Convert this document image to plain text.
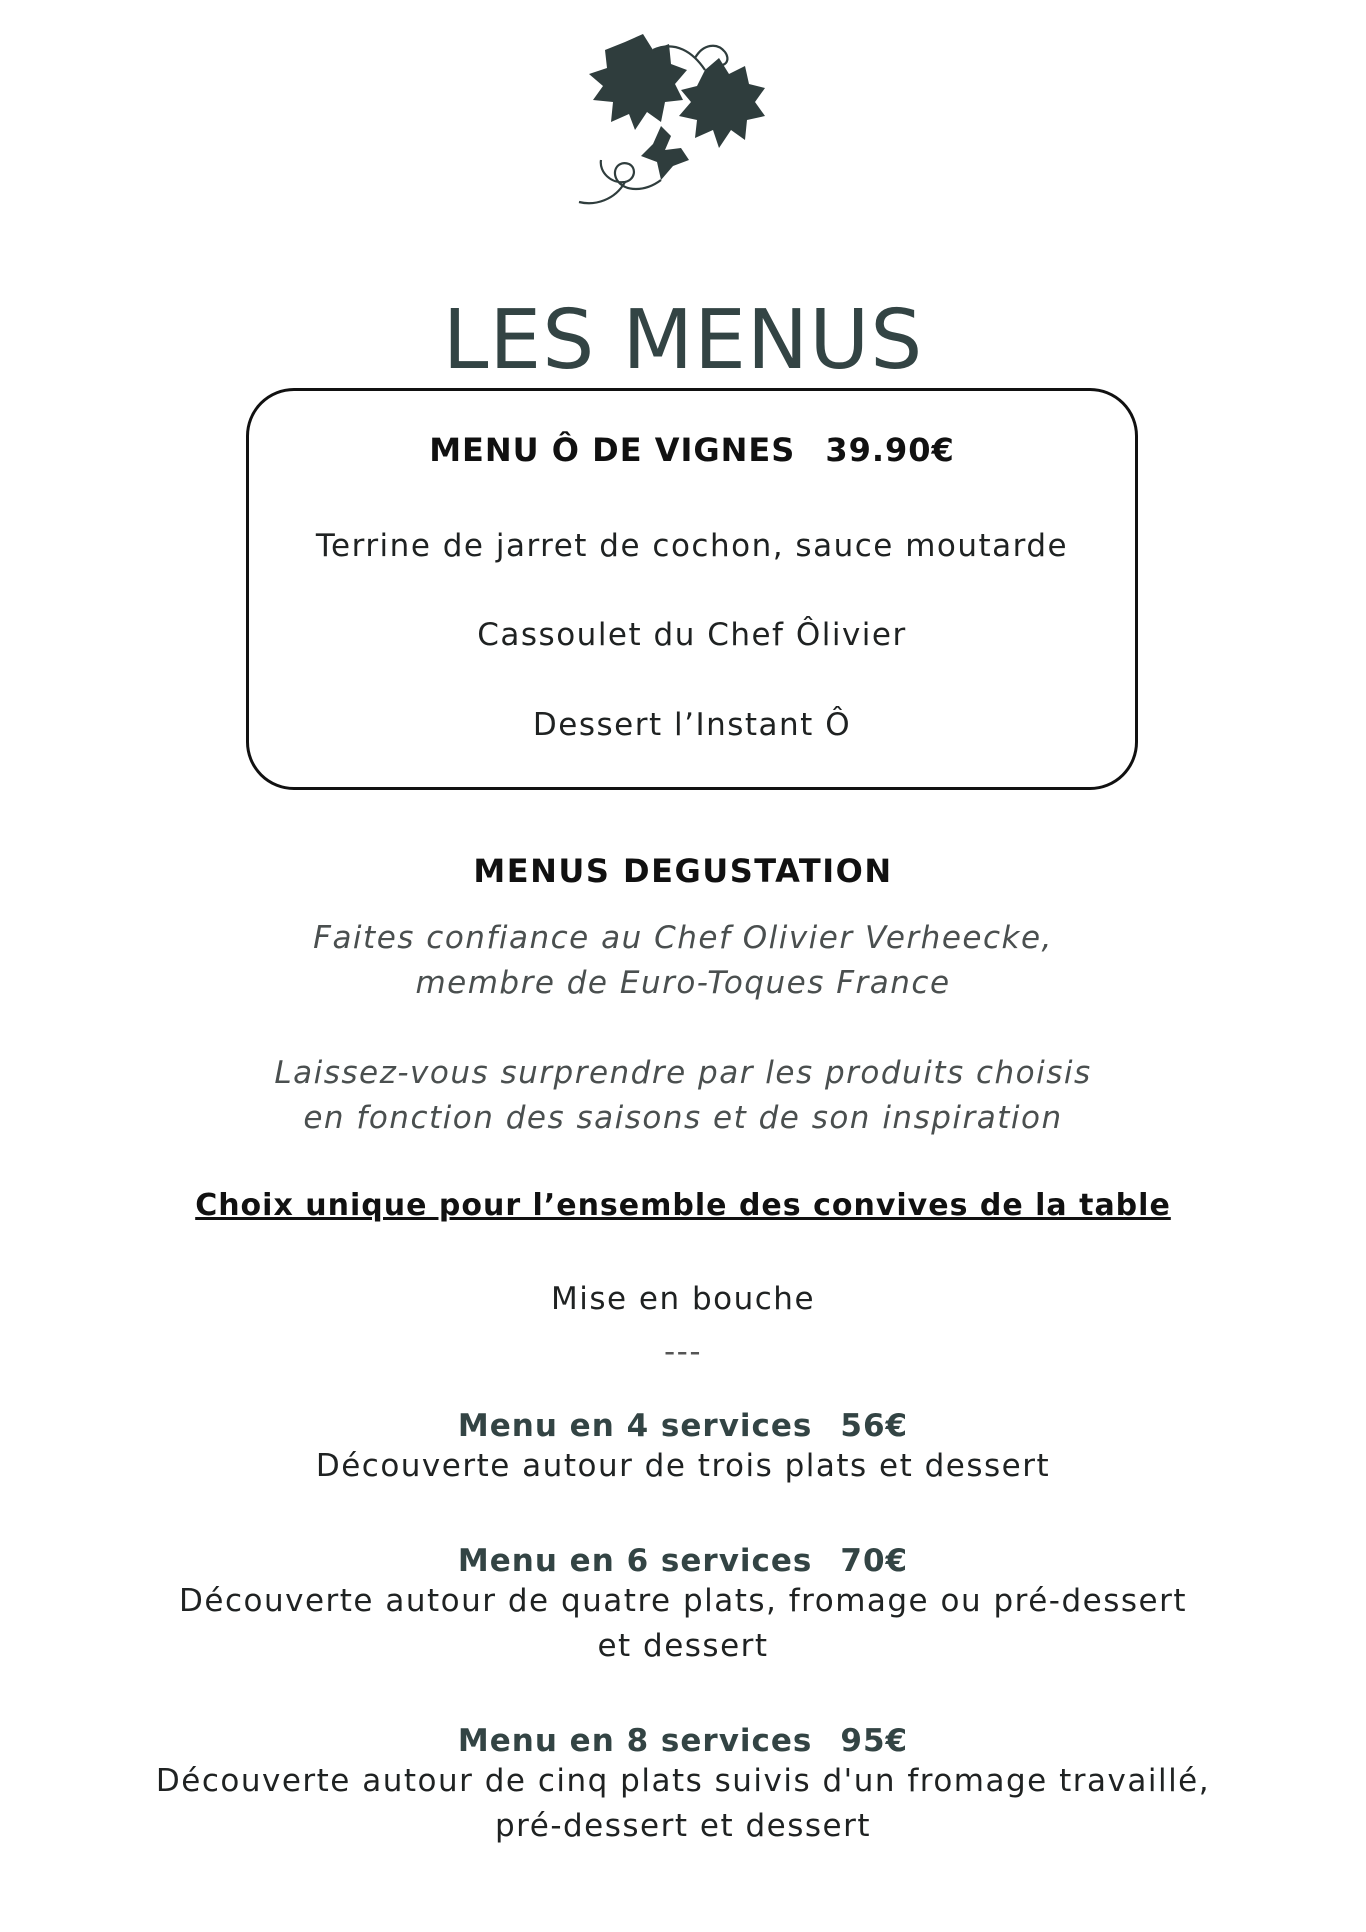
LES MENUS
MENU Ô DE VIGNES 39.90€
Terrine de jarret de cochon, sauce moutarde
Cassoulet du Chef Ôlivier
Dessert l’Instant Ô
MENUS DEGUSTATION
Faites confiance au Chef Olivier Verheecke,
membre de Euro-Toques France
Laissez-vous surprendre par les produits choisis
en fonction des saisons et de son inspiration
Choix unique pour l’ensemble des convives de la table
Mise en bouche
---
Menu en 4 services 56€
Découverte autour de trois plats et dessert
Menu en 6 services 70€
Découverte autour de quatre plats, fromage ou pré-dessert
et dessert
Menu en 8 services 95€
Découverte autour de cinq plats suivis d'un fromage travaillé,
pré-dessert et dessert
